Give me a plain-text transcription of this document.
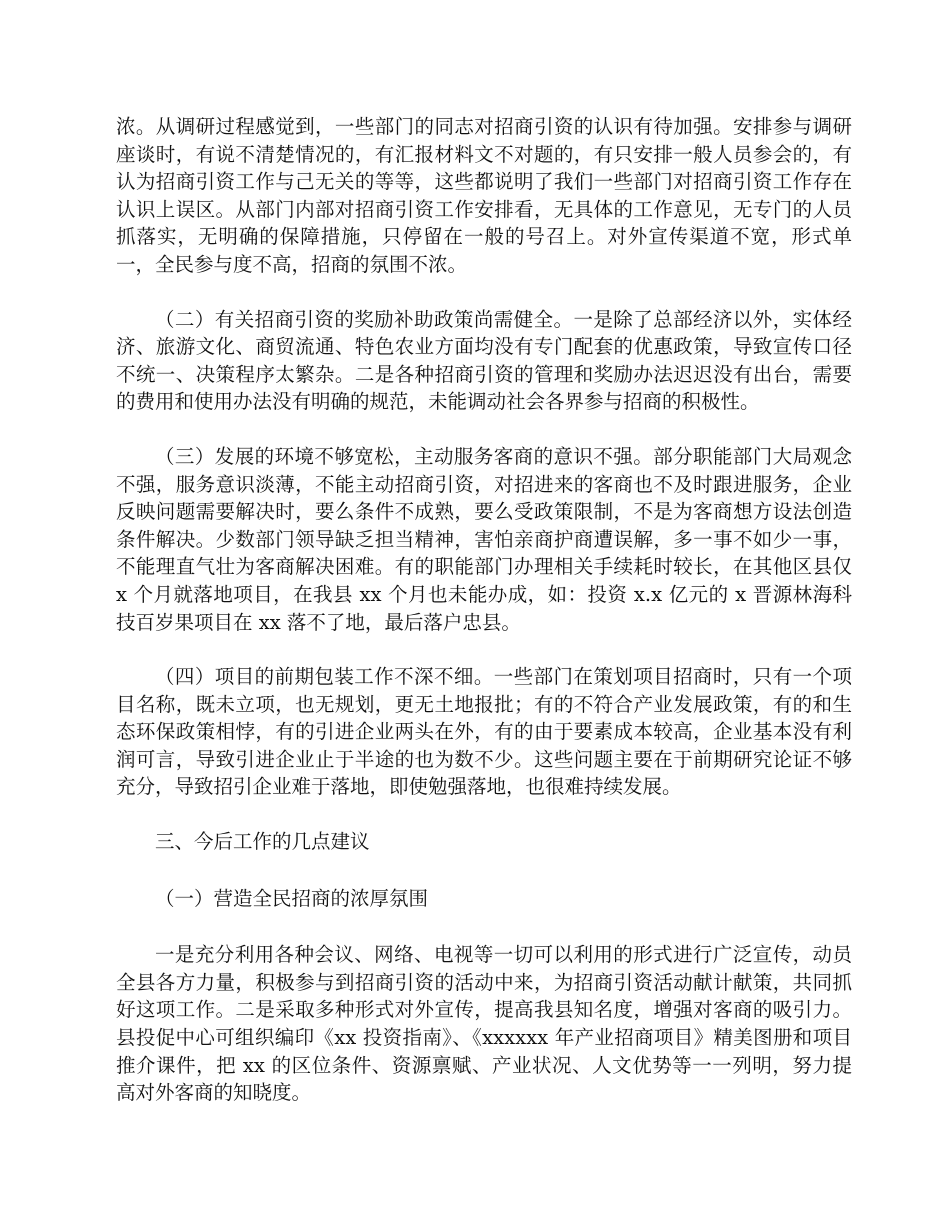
浓。从调研过程感觉到，一些部门的同志对招商引资的认识有待加强。安排参与调研座谈时，有说不清楚情况的，有汇报材料文不对题的，有只安排一般人员参会的，有认为招商引资工作与己无关的等等，这些都说明了我们一些部门对招商引资工作存在认识上误区。从部门内部对招商引资工作安排看，无具体的工作意见，无专门的人员抓落实，无明确的保障措施，只停留在一般的号召上。对外宣传渠道不宽，形式单一，全民参与度不高，招商的氛围不浓。

（二）有关招商引资的奖励补助政策尚需健全。一是除了总部经济以外，实体经济、旅游文化、商贸流通、特色农业方面均没有专门配套的优惠政策，导致宣传口径不统一、决策程序太繁杂。二是各种招商引资的管理和奖励办法迟迟没有出台，需要的费用和使用办法没有明确的规范，未能调动社会各界参与招商的积极性。

（三）发展的环境不够宽松，主动服务客商的意识不强。部分职能部门大局观念不强，服务意识淡薄，不能主动招商引资，对招进来的客商也不及时跟进服务，企业反映问题需要解决时，要么条件不成熟，要么受政策限制，不是为客商想方设法创造条件解决。少数部门领导缺乏担当精神，害怕亲商护商遭误解，多一事不如少一事，不能理直气壮为客商解决困难。有的职能部门办理相关手续耗时较长，在其他区县仅 x 个月就落地项目，在我县 xx 个月也未能办成，如：投资 x.x 亿元的 x 晋源林海科技百岁果项目在 xx 落不了地，最后落户忠县。

（四）项目的前期包装工作不深不细。一些部门在策划项目招商时，只有一个项目名称，既未立项，也无规划，更无土地报批；有的不符合产业发展政策，有的和生态环保政策相悖，有的引进企业两头在外，有的由于要素成本较高，企业基本没有利润可言，导致引进企业止于半途的也为数不少。这些问题主要在于前期研究论证不够充分，导致招引企业难于落地，即使勉强落地，也很难持续发展。

三、今后工作的几点建议

（一）营造全民招商的浓厚氛围

一是充分利用各种会议、网络、电视等一切可以利用的形式进行广泛宣传，动员全县各方力量，积极参与到招商引资的活动中来，为招商引资活动献计献策，共同抓好这项工作。二是采取多种形式对外宣传，提高我县知名度，增强对客商的吸引力。县投促中心可组织编印《xx 投资指南》、《xxxxxx 年产业招商项目》精美图册和项目推介课件，把 xx 的区位条件、资源禀赋、产业状况、人文优势等一一列明，努力提高对外客商的知晓度。
